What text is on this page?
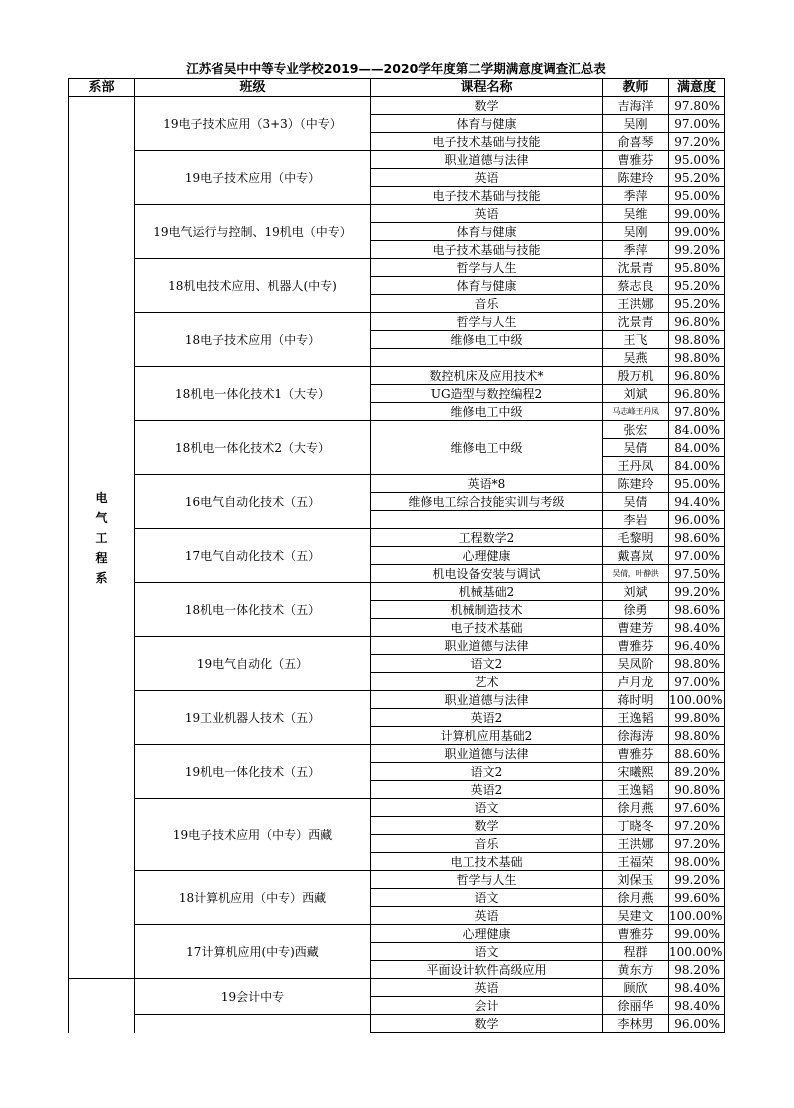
江苏省吴中中等专业学校2019——2020学年度第二学期满意度调查汇总表
系部	班级	课程名称	教师	满意度

电气工程系	19电子技术应用（3+3）（中专）	数学	吉海洋	97.80%
		体育与健康	吴刚	97.00%
		电子技术基础与技能	俞喜琴	97.20%
	19电子技术应用（中专）	职业道德与法律	曹雅芬	95.00%
		英语	陈建玲	95.20%
		电子技术基础与技能	季萍	95.00%
	19电气运行与控制、19机电（中专）	英语	吴维	99.00%
		体育与健康	吴刚	99.00%
		电子技术基础与技能	季萍	99.20%
	18机电技术应用、机器人(中专)	哲学与人生	沈景青	95.80%
		体育与健康	蔡志良	95.20%
		音乐	王洪娜	95.20%
	18电子技术应用（中专）	哲学与人生	沈景青	96.80%
		维修电工中级	王飞	98.80%
			吴燕	98.80%
	18机电一体化技术1（大专）	数控机床及应用技术*	殷万机	96.80%
		UG造型与数控编程2	刘斌	96.80%
		维修电工中级	马志峰王丹凤	97.80%
	18机电一体化技术2（大专）	维修电工中级	张宏	84.00%
			吴倩	84.00%
			王丹凤	84.00%
	16电气自动化技术（五）	英语*8	陈建玲	95.00%
		维修电工综合技能实训与考级	吴倩	94.40%
			李岩	96.00%
	17电气自动化技术（五）	工程数学2	毛黎明	98.60%
		心理健康	戴喜岚	97.00%
		机电设备安装与调试	吴倩，叶静洪	97.50%
	18机电一体化技术（五）	机械基础2	刘斌	99.20%
		机械制造技术	徐勇	98.60%
		电子技术基础	曹建芳	98.40%
	19电气自动化（五）	职业道德与法律	曹雅芬	96.40%
		语文2	吴凤阶	98.80%
		艺术	卢月龙	97.00%
	19工业机器人技术（五）	职业道德与法律	蒋时明	100.00%
		英语2	王逸韬	99.80%
		计算机应用基础2	徐海涛	98.80%
	19机电一体化技术（五）	职业道德与法律	曹雅芬	88.60%
		语文2	宋曦熙	89.20%
		英语2	王逸韬	90.80%
	19电子技术应用（中专）西藏	语文	徐月燕	97.60%
		数学	丁晓冬	97.20%
		音乐	王洪娜	97.20%
		电工技术基础	王福荣	98.00%
	18计算机应用（中专）西藏	哲学与人生	刘保玉	99.20%
		语文	徐月燕	99.60%
		英语	吴建文	100.00%
	17计算机应用(中专)西藏	心理健康	曹雅芬	99.00%
		语文	程群	100.00%
		平面设计软件高级应用	黄东方	98.20%

	19会计中专	英语	顾欣	98.40%
		会计	徐丽华	98.40%
		数学	李林男	96.00%
